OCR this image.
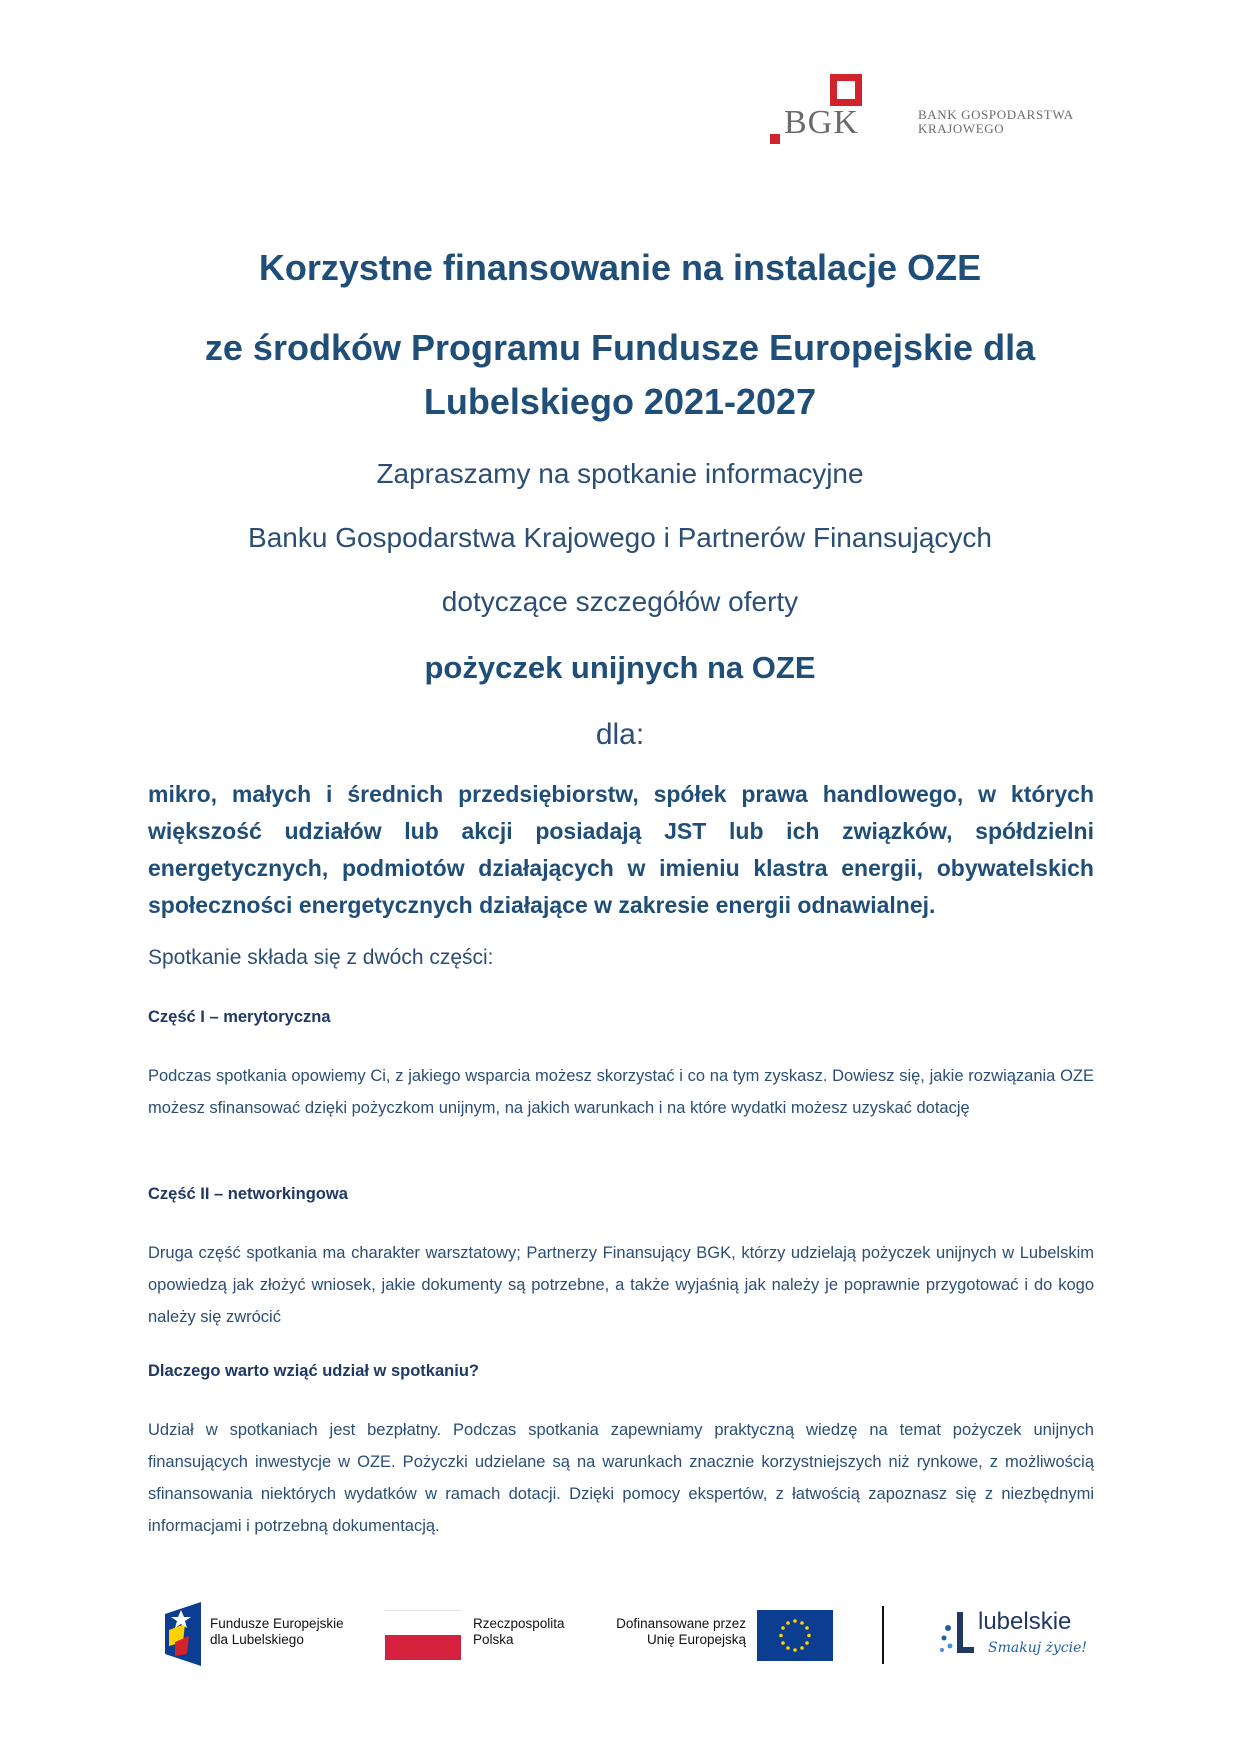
BGK	BANK GOSPODARSTWA
KRAJOWEGO
Korzystne finansowanie na instalacje OZE
ze środków Programu Fundusze Europejskie dla
Lubelskiego 2021-2027
Zapraszamy na spotkanie informacyjne
Banku Gospodarstwa Krajowego i Partnerów Finansujących
dotyczące szczegółów oferty
pożyczek unijnych na OZE
dla:
mikro, małych i średnich przedsiębiorstw, spółek prawa handlowego, w których większość udziałów lub akcji posiadają JST lub ich związków, spółdzielni energetycznych, podmiotów działających w imieniu klastra energii, obywatelskich społeczności energetycznych działające w zakresie energii odnawialnej.
Spotkanie składa się z dwóch części:
Część I – merytoryczna
Podczas spotkania opowiemy Ci, z jakiego wsparcia możesz skorzystać i co na tym zyskasz. Dowiesz się, jakie rozwiązania OZE możesz sfinansować dzięki pożyczkom unijnym, na jakich warunkach i na które wydatki możesz uzyskać dotację
Część II – networkingowa
Druga część spotkania ma charakter warsztatowy; Partnerzy Finansujący BGK, którzy udzielają pożyczek unijnych w Lubelskim opowiedzą jak złożyć wniosek, jakie dokumenty są potrzebne, a także wyjaśnią jak należy je poprawnie przygotować i do kogo należy się zwrócić
Dlaczego warto wziąć udział w spotkaniu?
Udział w spotkaniach jest bezpłatny. Podczas spotkania zapewniamy praktyczną wiedzę na temat pożyczek unijnych finansujących inwestycje w OZE. Pożyczki udzielane są na warunkach znacznie korzystniejszych niż rynkowe, z możliwością sfinansowania niektórych wydatków w ramach dotacji. Dzięki pomocy ekspertów, z łatwością zapoznasz się z niezbędnymi informacjami i potrzebną dokumentacją.
Fundusze Europejskie
dla Lubelskiego
Rzeczpospolita
Polska
Dofinansowane przez
Unię Europejską
lubelskie
Smakuj życie!
